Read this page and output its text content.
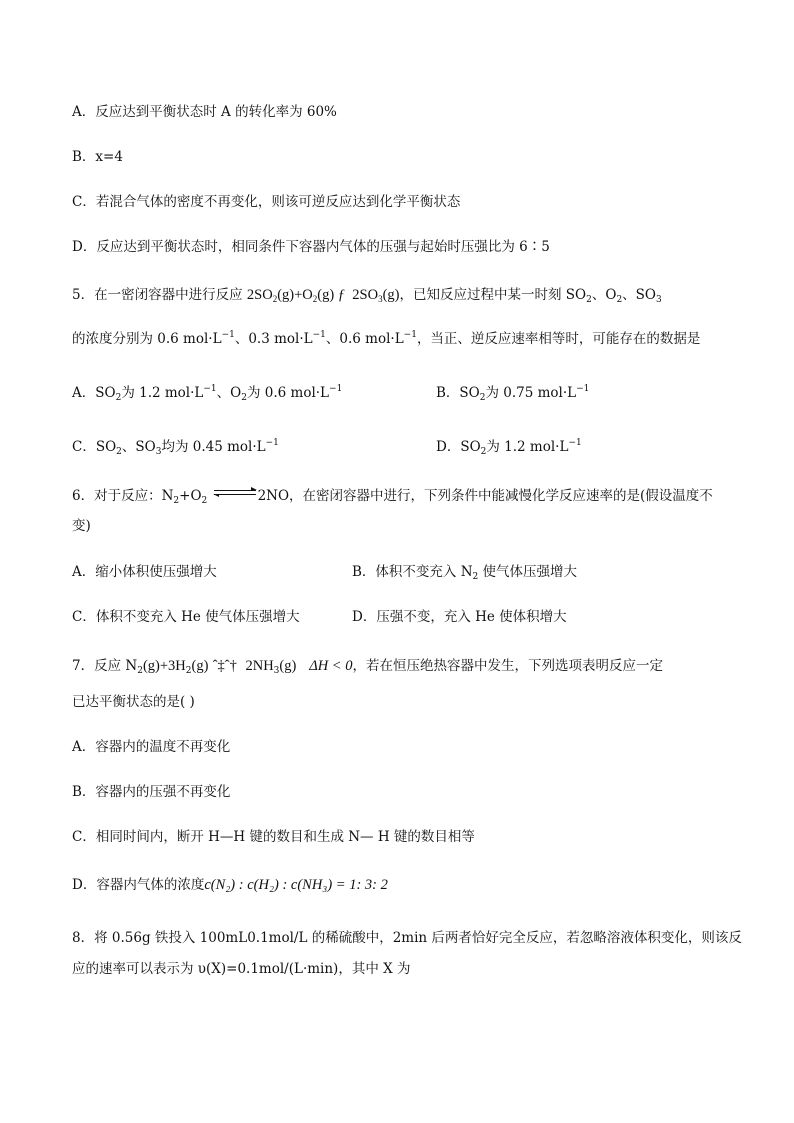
A．反应达到平衡状态时 A 的转化率为 60%
B．x=4
C．若混合气体的密度不再变化，则该可逆反应达到化学平衡状态
D．反应达到平衡状态时，相同条件下容器内气体的压强与起始时压强比为 6∶5
5．在一密闭容器中进行反应 $2SO_2(g)+O_2(g)$ ƒ $2SO_3(g)$，已知反应过程中某一时刻 $SO_2$、$O_2$、$SO_3$
的浓度分别为 0.6 $mol\cdot L^{-1}$、0.3 $mol\cdot L^{-1}$、0.6 $mol\cdot L^{-1}$，当正、逆反应速率相等时，可能存在的数据是
A．$SO_2$为 1.2 $mol\cdot L^{-1}$、$O_2$为 0.6 $mol\cdot L^{-1}$	B．$SO_2$为 0.75 $mol\cdot L^{-1}$
C．$SO_2$、$SO_3$均为 0.45 $mol\cdot L^{-1}$	D．$SO_2$为 1.2 $mol\cdot L^{-1}$
6．对于反应：$N_2+O_2$ ⇌ 2NO，在密闭容器中进行，下列条件中能减慢化学反应速率的是(假设温度不
变)
A．缩小体积使压强增大	B．体积不变充入 $N_2$ 使气体压强增大
C．体积不变充入 He 使气体压强增大	D．压强不变，充入 He 使体积增大
7．反应 $N_2(g)+3H_2(g)$ ˆ‡ˆ† $2NH_3(g) \Delta H < 0$，若在恒压绝热容器中发生，下列选项表明反应一定
已达平衡状态的是( )
A．容器内的温度不再变化
B．容器内的压强不再变化
C．相同时间内，断开 H—H 键的数目和生成 N— H 键的数目相等
D．容器内气体的浓度c(N₂) : c(H₂) : c(NH₃) = 1: 3: 2
8．将 0.56g 铁投入 100mL0.1mol/L 的稀硫酸中，2min 后两者恰好完全反应，若忽略溶液体积变化，则该反
应的速率可以表示为 υ(X)=0.1mol/(L·min)，其中 X 为
